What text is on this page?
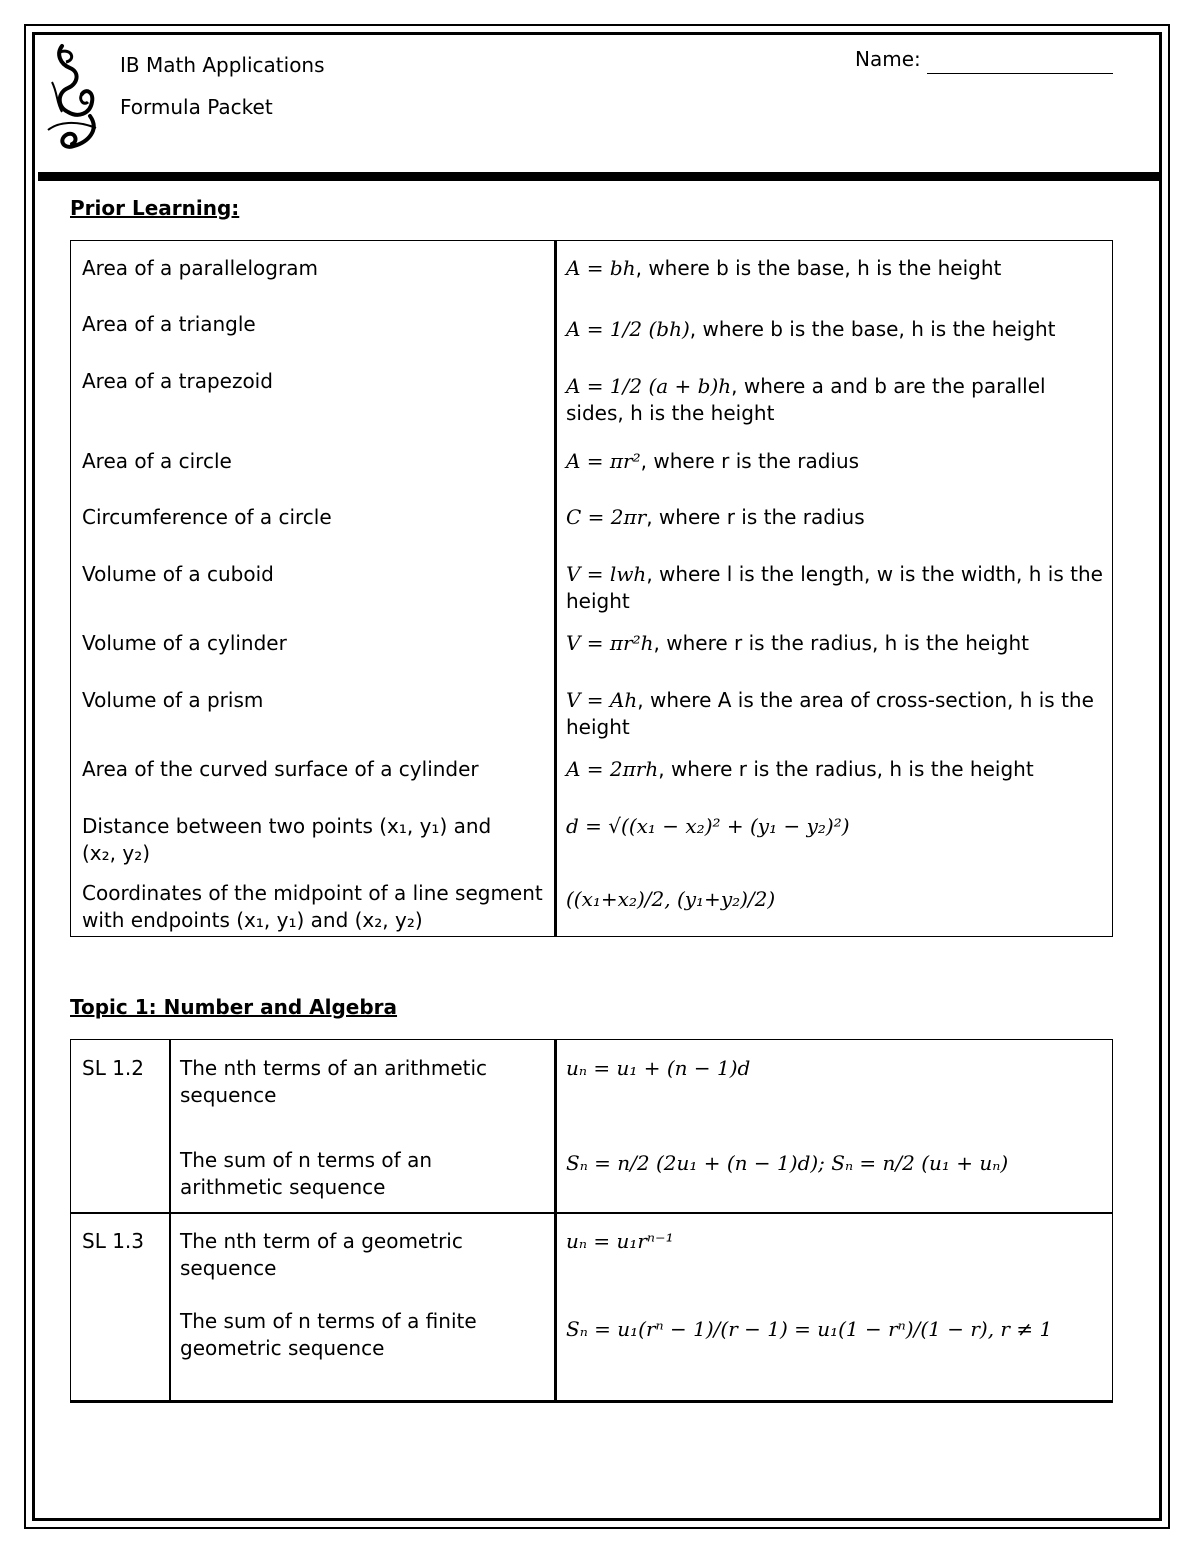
IB Math Applications
Formula Packet
Name:
Prior Learning:
Area of a parallelogram
Area of a triangle
Area of a trapezoid
Area of a circle
Circumference of a circle
Volume of a cuboid
Volume of a cylinder
Volume of a prism
Area of the curved surface of a cylinder
Distance between two points (x₁, y₁) and (x₂, y₂)
Coordinates of the midpoint of a line segment with endpoints (x₁, y₁) and (x₂, y₂)
A = bh, where b is the base, h is the height
A = 1/2 (bh), where b is the base, h is the height
A = 1/2 (a + b)h, where a and b are the parallel sides, h is the height
A = πr², where r is the radius
C = 2πr, where r is the radius
V = lwh, where l is the length, w is the width, h is the height
V = πr²h, where r is the radius, h is the height
V = Ah, where A is the area of cross-section, h is the height
A = 2πrh, where r is the radius, h is the height
d = √((x₁ − x₂)² + (y₁ − y₂)²)
((x₁+x₂)/2, (y₁+y₂)/2)
Topic 1: Number and Algebra
SL 1.2 The nth terms of an arithmetic sequence
uₙ = u₁ + (n − 1)d
The sum of n terms of an arithmetic sequence
Sₙ = n/2 (2u₁ + (n − 1)d); Sₙ = n/2 (u₁ + uₙ)
SL 1.3 The nth term of a geometric sequence
uₙ = u₁rⁿ⁻¹
The sum of n terms of a finite geometric sequence
Sₙ = u₁(rⁿ − 1)/(r − 1) = u₁(1 − rⁿ)/(1 − r), r ≠ 1
